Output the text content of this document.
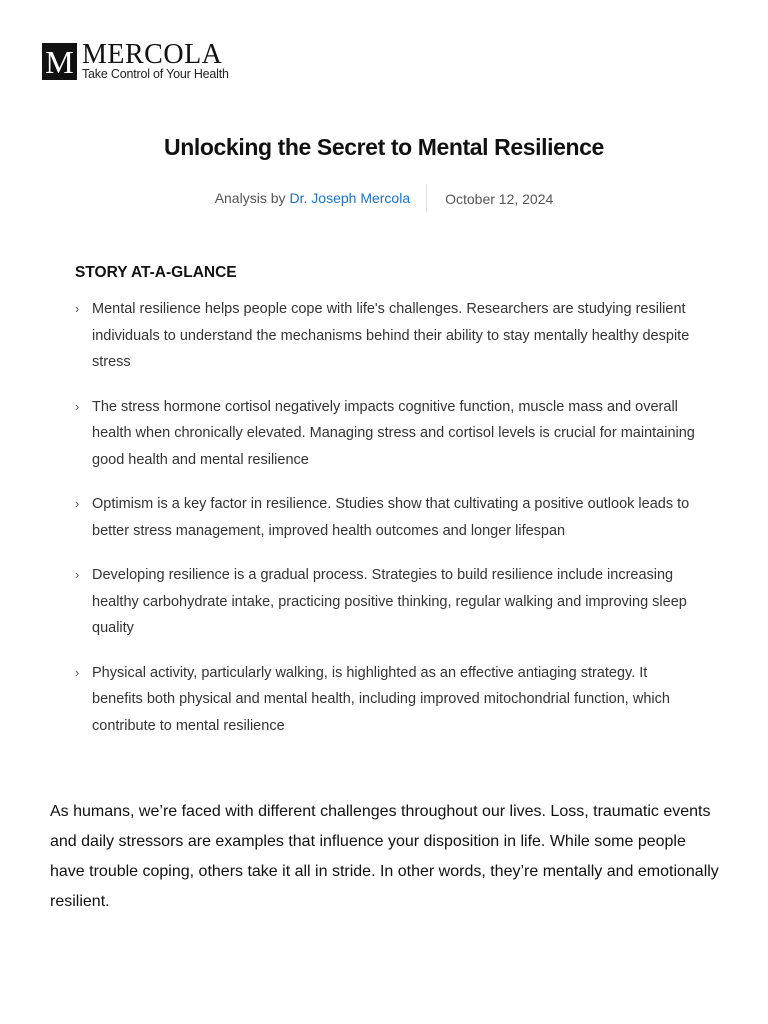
M MERCOLA
Take Control of Your Health
Unlocking the Secret to Mental Resilience
Analysis by Dr. Joseph Mercola	October 12, 2024
STORY AT-A-GLANCE
› Mental resilience helps people cope with life's challenges. Researchers are studying resilient individuals to understand the mechanisms behind their ability to stay mentally healthy despite stress
› The stress hormone cortisol negatively impacts cognitive function, muscle mass and overall health when chronically elevated. Managing stress and cortisol levels is crucial for maintaining good health and mental resilience
› Optimism is a key factor in resilience. Studies show that cultivating a positive outlook leads to better stress management, improved health outcomes and longer lifespan
› Developing resilience is a gradual process. Strategies to build resilience include increasing healthy carbohydrate intake, practicing positive thinking, regular walking and improving sleep quality
› Physical activity, particularly walking, is highlighted as an effective antiaging strategy. It benefits both physical and mental health, including improved mitochondrial function, which contribute to mental resilience

As humans, we’re faced with different challenges throughout our lives. Loss, traumatic events and daily stressors are examples that influence your disposition in life. While some people have trouble coping, others take it all in stride. In other words, they’re mentally and emotionally resilient.
